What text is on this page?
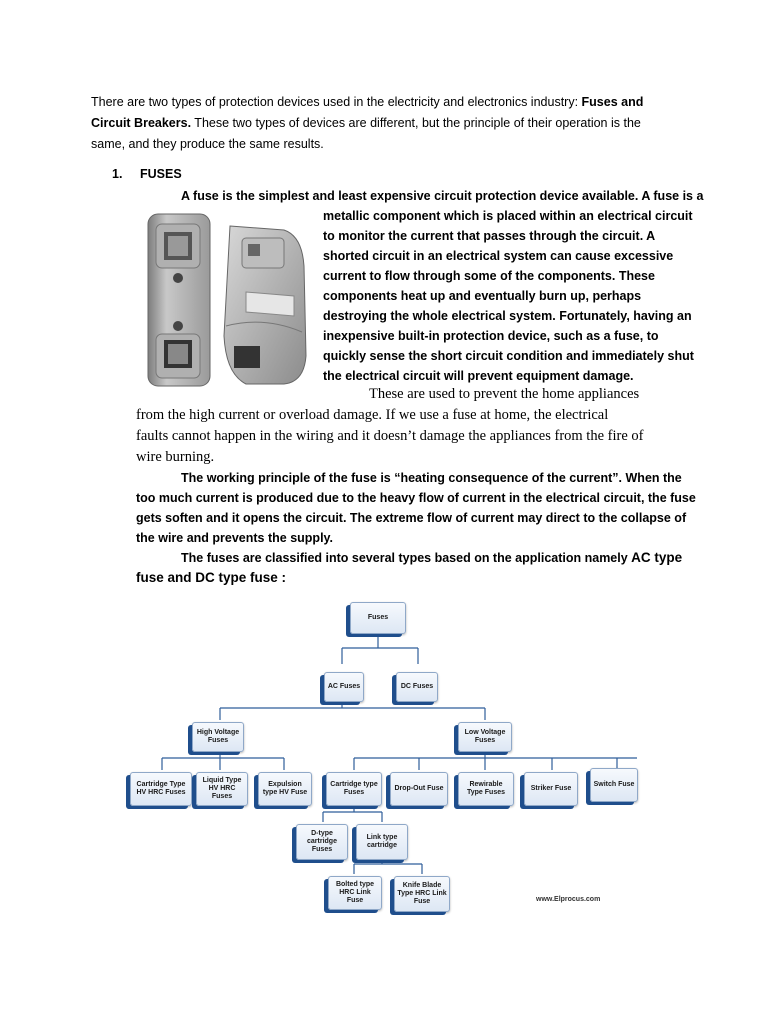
There are two types of protection devices used in the electricity and electronics industry: Fuses and
Circuit Breakers. These two types of devices are different, but the principle of their operation is the
same, and they produce the same results.
1. FUSES
A fuse is the simplest and least expensive circuit protection device available. A fuse is a
metallic component which is placed within an electrical circuit
to monitor the current that passes through the circuit. A
shorted circuit in an electrical system can cause excessive
current to flow through some of the components. These
components heat up and eventually burn up, perhaps
destroying the whole electrical system. Fortunately, having an
inexpensive built-in protection device, such as a fuse, to
quickly sense the short circuit condition and immediately shut
the electrical circuit will prevent equipment damage.
These are used to prevent the home appliances
from the high current or overload damage. If we use a fuse at home, the electrical
faults cannot happen in the wiring and it doesn’t damage the appliances from the fire of
wire burning.
The working principle of the fuse is “heating consequence of the current”. When the
too much current is produced due to the heavy flow of current in the electrical circuit, the fuse
gets soften and it opens the circuit. The extreme flow of current may direct to the collapse of
the wire and prevents the supply.
The fuses are classified into several types based on the application namely AC type
fuse and DC type fuse :
Fuses
AC Fuses	DC Fuses
High Voltage Fuses
Low Voltage Fuses
Cartridge Type HV HRC Fuses
Liquid Type HV HRC Fuses
Expulsion type HV Fuse
Cartridge type Fuses
Drop-Out Fuse
Rewirable Type Fuses
Striker Fuse
Switch Fuse
D-type cartridge Fuses
Link type cartridge
Bolted type HRC Link Fuse
Knife Blade Type HRC Link Fuse	www.Elprocus.com
